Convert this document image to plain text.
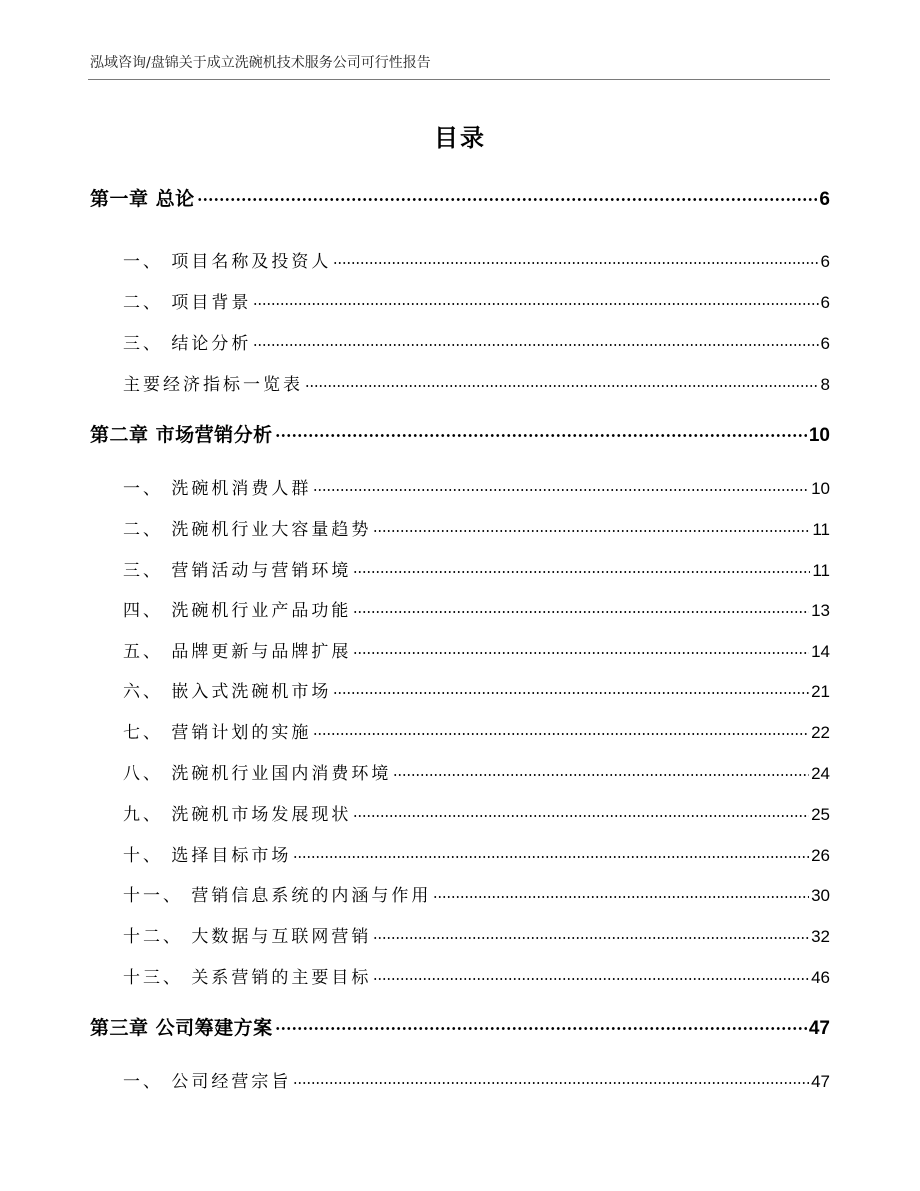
泓域咨询/盘锦关于成立洗碗机技术服务公司可行性报告
目录
第一章 总论	6
一、 项目名称及投资人	6
二、 项目背景	6
三、 结论分析	6
主要经济指标一览表	8
第二章 市场营销分析	10
一、 洗碗机消费人群	10
二、 洗碗机行业大容量趋势	11
三、 营销活动与营销环境	11
四、 洗碗机行业产品功能	13
五、 品牌更新与品牌扩展	14
六、 嵌入式洗碗机市场	21
七、 营销计划的实施	22
八、 洗碗机行业国内消费环境	24
九、 洗碗机市场发展现状	25
十、 选择目标市场	26
十一、 营销信息系统的内涵与作用	30
十二、 大数据与互联网营销	32
十三、 关系营销的主要目标	46
第三章 公司筹建方案	47
一、 公司经营宗旨	47
